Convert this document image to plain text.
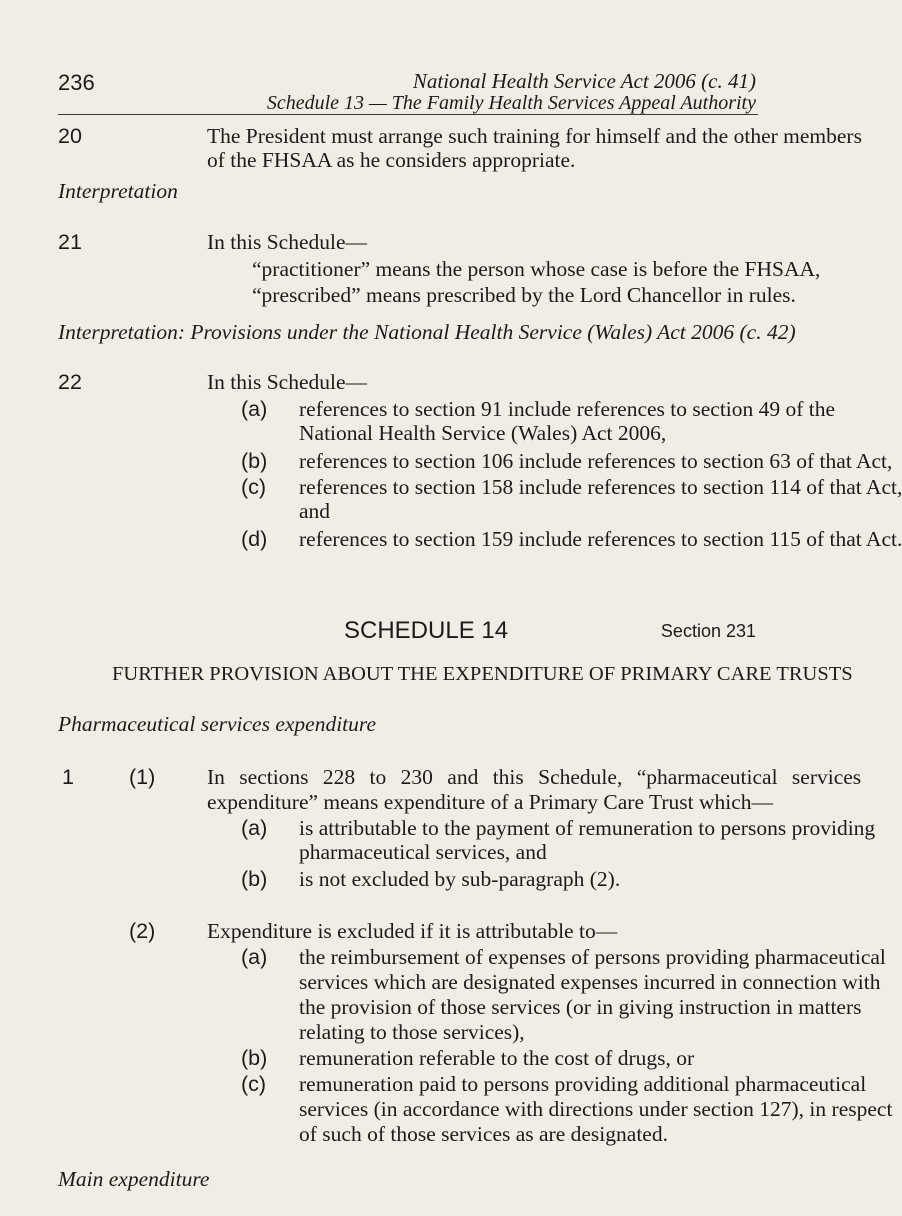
236	National Health Service Act 2006 (c. 41)
Schedule 13 — The Family Health Services Appeal Authority
20	The President must arrange such training for himself and the other members
of the FHSAA as he considers appropriate.
Interpretation
21	In this Schedule—
“practitioner” means the person whose case is before the FHSAA,
“prescribed” means prescribed by the Lord Chancellor in rules.
Interpretation: Provisions under the National Health Service (Wales) Act 2006 (c. 42)
22	In this Schedule—
(a) references to section 91 include references to section 49 of the
National Health Service (Wales) Act 2006,
(b) references to section 106 include references to section 63 of that Act,
(c) references to section 158 include references to section 114 of that Act,
and
(d) references to section 159 include references to section 115 of that Act.
SCHEDULE 14	Section 231
FURTHER PROVISION ABOUT THE EXPENDITURE OF PRIMARY CARE TRUSTS
Pharmaceutical services expenditure
1	(1) In sections 228 to 230 and this Schedule, “pharmaceutical services
expenditure” means expenditure of a Primary Care Trust which—
(a) is attributable to the payment of remuneration to persons providing
pharmaceutical services, and
(b) is not excluded by sub-paragraph (2).
(2) Expenditure is excluded if it is attributable to—
(a) the reimbursement of expenses of persons providing pharmaceutical
services which are designated expenses incurred in connection with
the provision of those services (or in giving instruction in matters
relating to those services),
(b) remuneration referable to the cost of drugs, or
(c) remuneration paid to persons providing additional pharmaceutical
services (in accordance with directions under section 127), in respect
of such of those services as are designated.
Main expenditure
